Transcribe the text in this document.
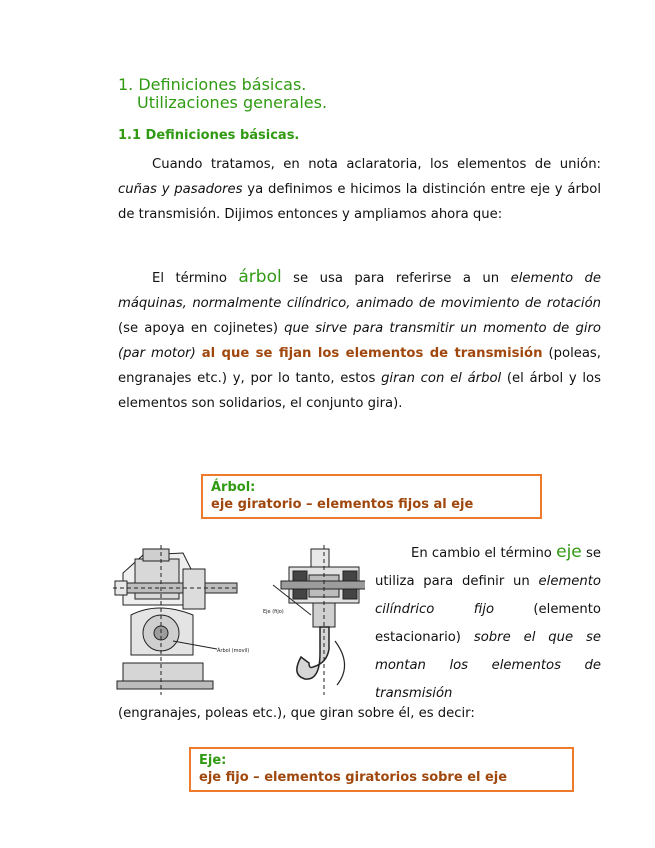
1. Definiciones básicas.
Utilizaciones generales.
1.1 Definiciones básicas.
Cuando tratamos, en nota aclaratoria, los elementos de unión: cuñas y pasadores ya definimos e hicimos la distinción entre eje y árbol de transmisión. Dijimos entonces y ampliamos ahora que:
El término árbol se usa para referirse a un elemento de máquinas, normalmente cilíndrico, animado de movimiento de rotación (se apoya en cojinetes) que sirve para transmitir un momento de giro (par motor) al que se fijan los elementos de transmisión (poleas, engranajes etc.) y, por lo tanto, estos giran con el árbol (el árbol y los elementos son solidarios, el conjunto gira).
Árbol:
eje giratorio – elementos fijos al eje
Árbol (movil)
Eje (fijo)
En cambio el término eje se utiliza para definir un elemento cilíndrico fijo (elemento estacionario) sobre el que se montan los elementos de transmisión
(engranajes, poleas etc.), que giran sobre él, es decir:
Eje:
eje fijo – elementos giratorios sobre el eje
